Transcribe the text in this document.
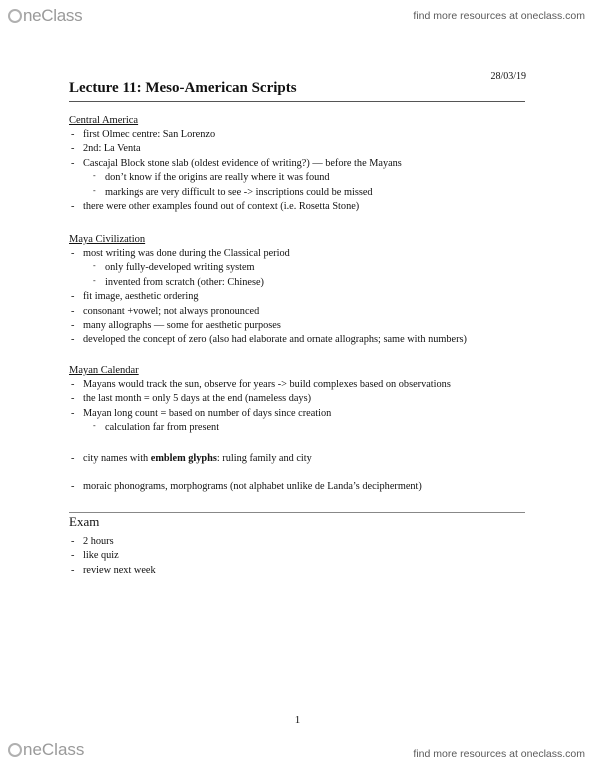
neClass	find more resources at oneclass.com
28/03/19
Lecture 11: Meso-American Scripts
Central America
- first Olmec centre: San Lorenzo
- 2nd: La Venta
- Cascajal Block stone slab (oldest evidence of writing?) — before the Mayans
- don’t know if the origins are really where it was found
- markings are very difficult to see -> inscriptions could be missed
- there were other examples found out of context (i.e. Rosetta Stone)
Maya Civilization
- most writing was done during the Classical period
- only fully-developed writing system
- invented from scratch (other: Chinese)
- fit image, aesthetic ordering
- consonant +vowel; not always pronounced
- many allographs — some for aesthetic purposes
- developed the concept of zero (also had elaborate and ornate allographs; same with numbers)
Mayan Calendar
- Mayans would track the sun, observe for years -> build complexes based on observations
- the last month = only 5 days at the end (nameless days)
- Mayan long count = based on number of days since creation
- calculation far from present
- city names with emblem glyphs: ruling family and city
- moraic phonograms, morphograms (not alphabet unlike de Landa’s decipherment)
Exam
- 2 hours
- like quiz
- review next week
1
neClass	find more resources at oneclass.com
